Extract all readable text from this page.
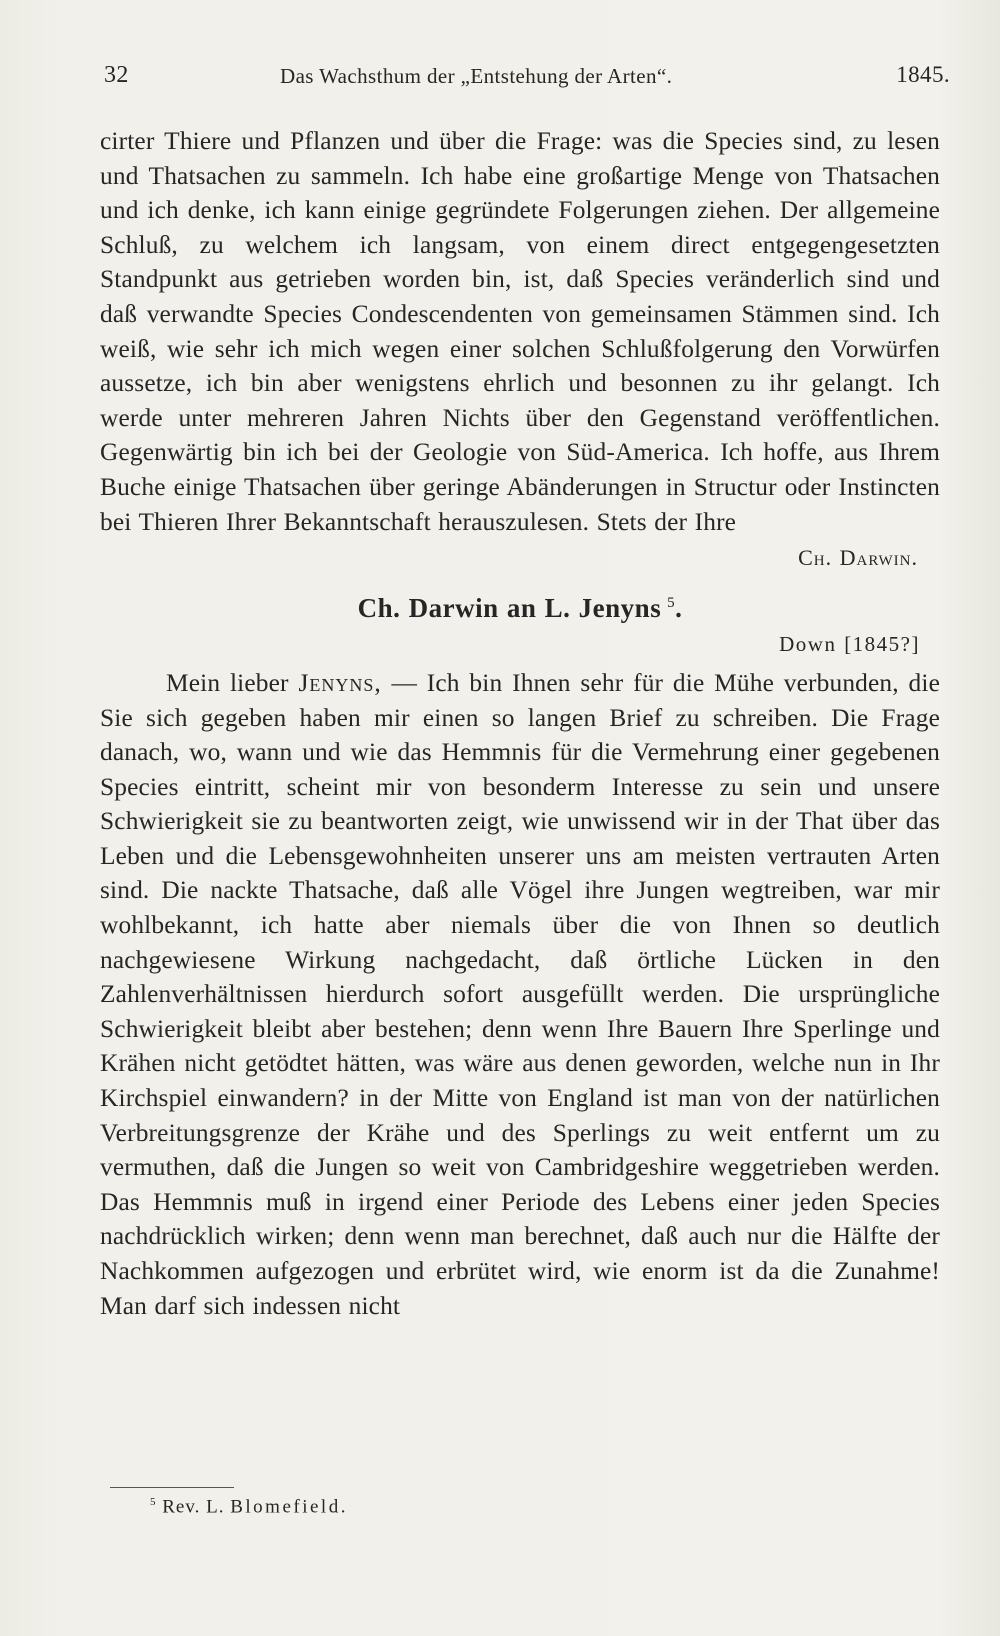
32	Das Wachsthum der „Entstehung der Arten“.	1845.

cirter Thiere und Pflanzen und über die Frage: was die Species sind, zu lesen und Thatsachen zu sammeln. Ich habe eine großartige Menge von Thatsachen und ich denke, ich kann einige gegründete Folgerungen ziehen. Der allgemeine Schluß, zu welchem ich langsam, von einem direct entgegengesetzten Standpunkt aus getrieben worden bin, ist, daß Species veränderlich sind und daß verwandte Species Condescendenten von gemeinsamen Stämmen sind. Ich weiß, wie sehr ich mich wegen einer solchen Schlußfolgerung den Vorwürfen aussetze, ich bin aber wenigstens ehrlich und besonnen zu ihr gelangt. Ich werde unter mehreren Jahren Nichts über den Gegenstand veröffentlichen. Gegenwärtig bin ich bei der Geologie von Süd-America. Ich hoffe, aus Ihrem Buche einige Thatsachen über geringe Abänderungen in Structur oder Instincten bei Thieren Ihrer Bekanntschaft herauszulesen. Stets der Ihre

Ch. Darwin.
Ch. Darwin an L. Jenyns  $^5$.
Down [1845?]

Mein lieber Jenyns, — Ich bin Ihnen sehr für die Mühe verbunden, die Sie sich gegeben haben mir einen so langen Brief zu schreiben. Die Frage danach, wo, wann und wie das Hemmnis für die Vermehrung einer gegebenen Species eintritt, scheint mir von besonderm Interesse zu sein und unsere Schwierigkeit sie zu beantworten zeigt, wie unwissend wir in der That über das Leben und die Lebensgewohnheiten unserer uns am meisten vertrauten Arten sind. Die nackte Thatsache, daß alle Vögel ihre Jungen wegtreiben, war mir wohlbekannt, ich hatte aber niemals über die von Ihnen so deutlich nachgewiesene Wirkung nachgedacht, daß örtliche Lücken in den Zahlenverhältnissen hierdurch sofort ausgefüllt werden. Die ursprüngliche Schwierigkeit bleibt aber bestehen; denn wenn Ihre Bauern Ihre Sperlinge und Krähen nicht getödtet hätten, was wäre aus denen geworden, welche nun in Ihr Kirchspiel einwandern? in der Mitte von England ist man von der natürlichen Verbreitungsgrenze der Krähe und des Sperlings zu weit entfernt um zu vermuthen, daß die Jungen so weit von Cambridgeshire weggetrieben werden. Das Hemmnis muß in irgend einer Periode des Lebens einer jeden Species nachdrücklich wirken; denn wenn man berechnet, daß auch nur die Hälfte der Nachkommen aufgezogen und erbrütet wird, wie enorm ist da die Zunahme! Man darf sich indessen nicht

$^5$ Rev. L. Blomefield.
